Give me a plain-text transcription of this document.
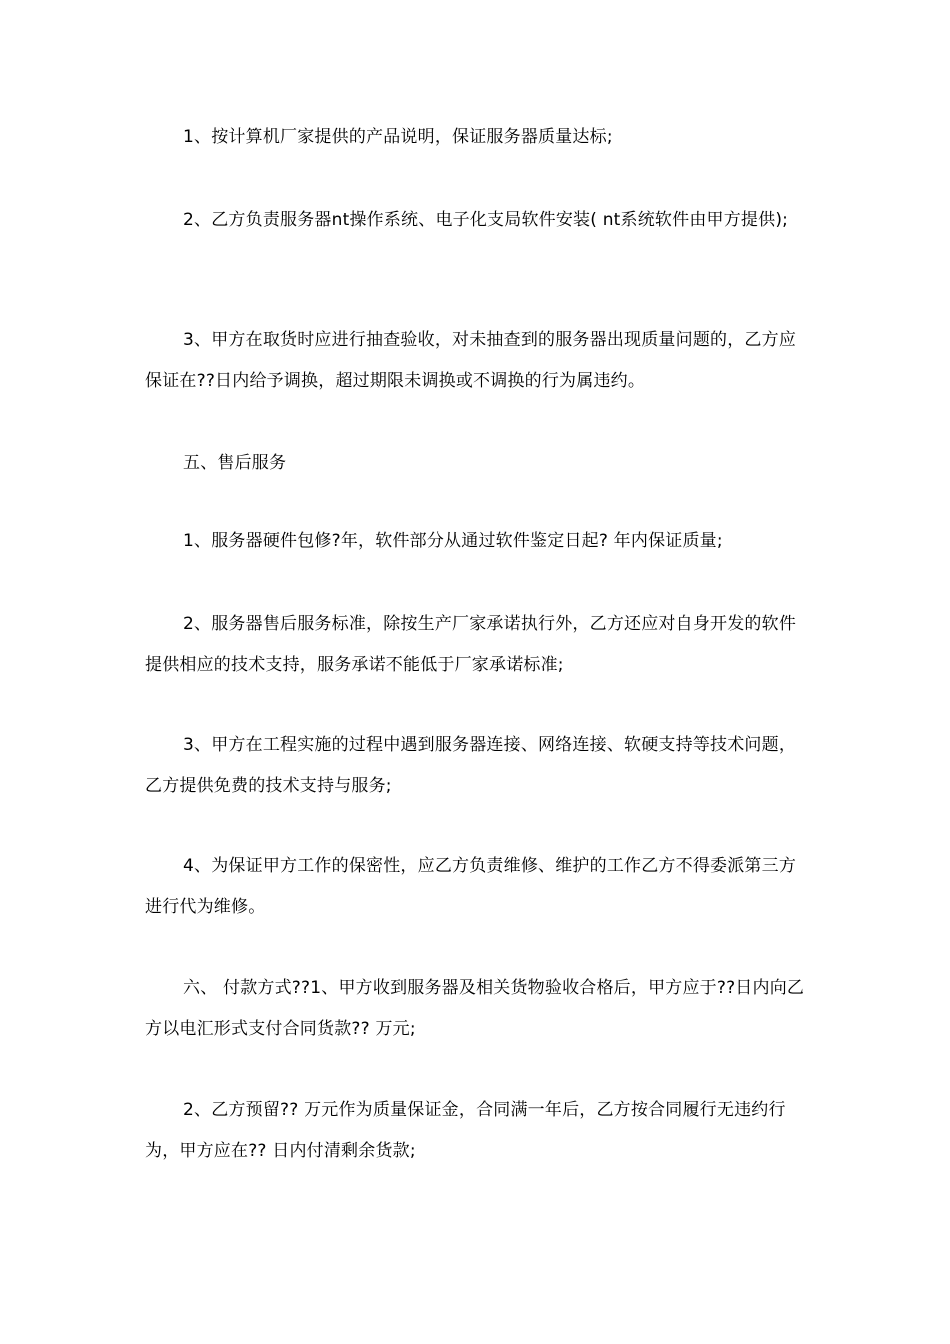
1、按计算机厂家提供的产品说明，保证服务器质量达标;

2、乙方负责服务器nt操作系统、电子化支局软件安装( nt系统软件由甲方提供);

3、甲方在取货时应进行抽查验收，对未抽查到的服务器出现质量问题的，乙方应保证在??日内给予调换，超过期限未调换或不调换的行为属违约。

五、售后服务

1、服务器硬件包修?年，软件部分从通过软件鉴定日起? 年内保证质量;

2、服务器售后服务标准，除按生产厂家承诺执行外，乙方还应对自身开发的软件提供相应的技术支持，服务承诺不能低于厂家承诺标准;

3、甲方在工程实施的过程中遇到服务器连接、网络连接、软硬支持等技术问题，乙方提供免费的技术支持与服务;

4、为保证甲方工作的保密性，应乙方负责维修、维护的工作乙方不得委派第三方进行代为维修。

六、 付款方式??1、甲方收到服务器及相关货物验收合格后，甲方应于??日内向乙方以电汇形式支付合同货款?? 万元;

2、乙方预留?? 万元作为质量保证金，合同满一年后，乙方按合同履行无违约行为，甲方应在?? 日内付清剩余货款;
